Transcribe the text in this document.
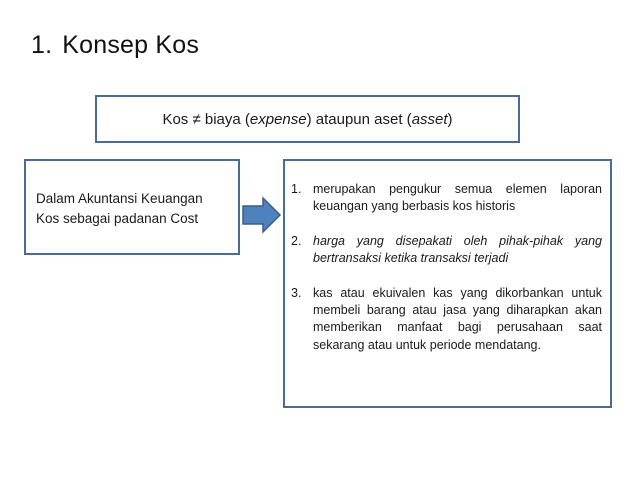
1. Konsep Kos
Kos ≠ biaya (expense) ataupun aset (asset)
Dalam Akuntansi Keuangan
Kos sebagai padanan Cost
1. merupakan pengukur semua elemen laporan keuangan yang berbasis kos historis
2. harga yang disepakati oleh pihak-pihak yang bertransaksi ketika transaksi terjadi
3. kas atau ekuivalen kas yang dikorbankan untuk membeli barang atau jasa yang diharapkan akan memberikan manfaat bagi perusahaan saat sekarang atau untuk periode mendatang.
